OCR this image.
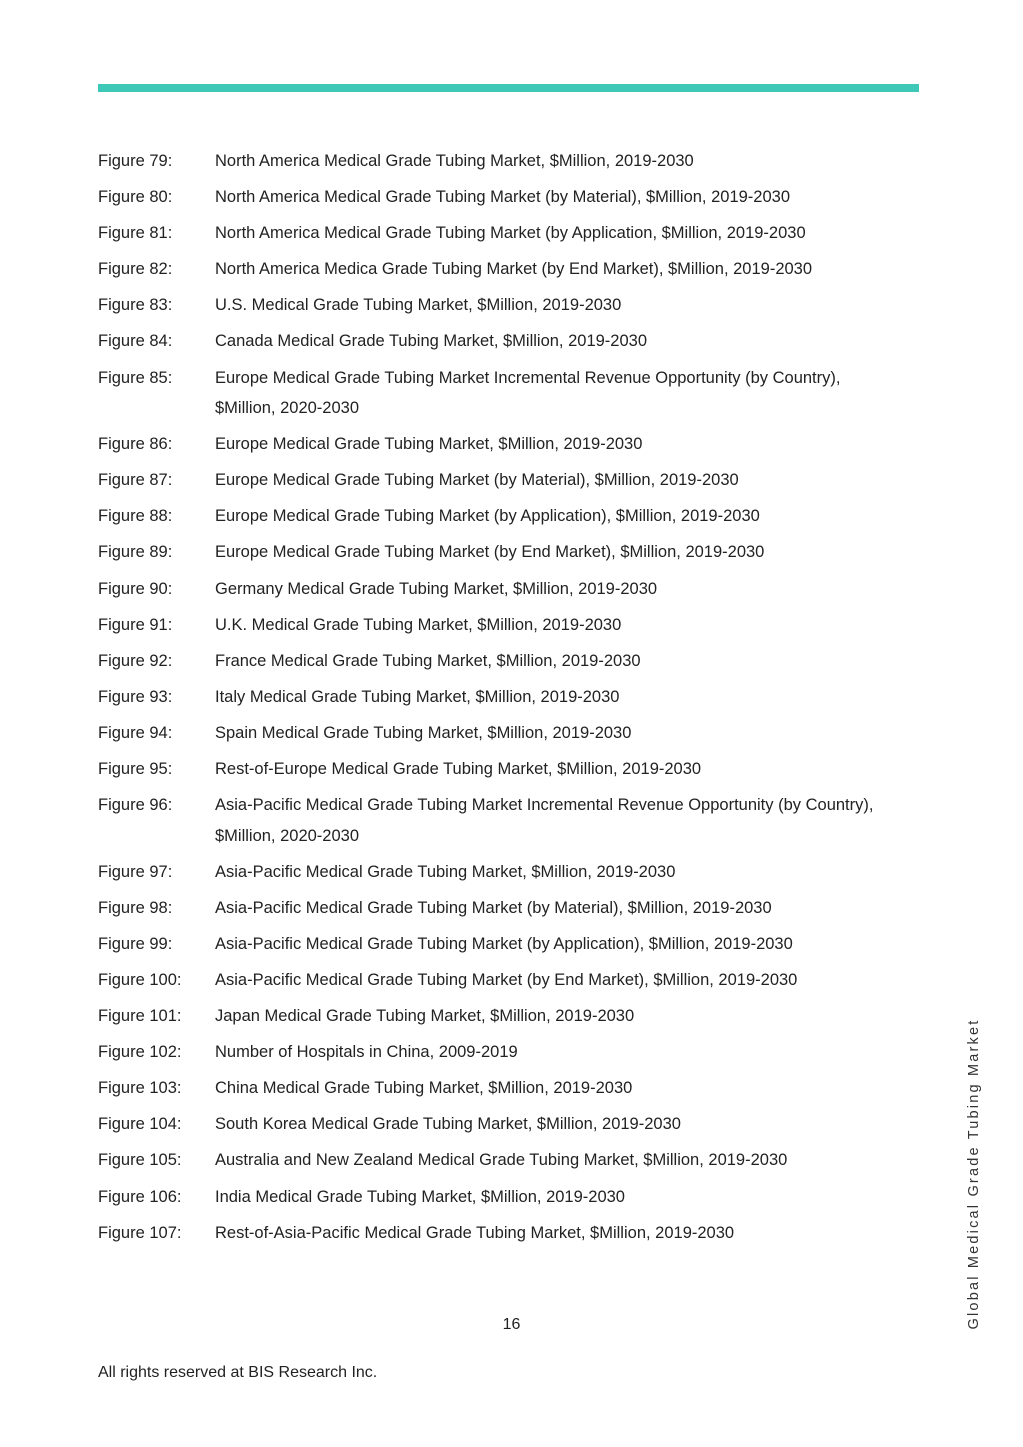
Figure 79:	North America Medical Grade Tubing Market, $Million, 2019-2030
Figure 80:	North America Medical Grade Tubing Market (by Material), $Million, 2019-2030
Figure 81:	North America Medical Grade Tubing Market (by Application, $Million, 2019-2030
Figure 82:	North America Medica Grade Tubing Market (by End Market), $Million, 2019-2030
Figure 83:	U.S. Medical Grade Tubing Market, $Million, 2019-2030
Figure 84:	Canada Medical Grade Tubing Market, $Million, 2019-2030
Figure 85:	Europe Medical Grade Tubing Market Incremental Revenue Opportunity (by Country), $Million, 2020-2030
Figure 86:	Europe Medical Grade Tubing Market, $Million, 2019-2030
Figure 87:	Europe Medical Grade Tubing Market (by Material), $Million, 2019-2030
Figure 88:	Europe Medical Grade Tubing Market (by Application), $Million, 2019-2030
Figure 89:	Europe Medical Grade Tubing Market (by End Market), $Million, 2019-2030
Figure 90:	Germany Medical Grade Tubing Market, $Million, 2019-2030
Figure 91:	U.K. Medical Grade Tubing Market, $Million, 2019-2030
Figure 92:	France Medical Grade Tubing Market, $Million, 2019-2030
Figure 93:	Italy Medical Grade Tubing Market, $Million, 2019-2030
Figure 94:	Spain Medical Grade Tubing Market, $Million, 2019-2030
Figure 95:	Rest-of-Europe Medical Grade Tubing Market, $Million, 2019-2030
Figure 96:	Asia-Pacific Medical Grade Tubing Market Incremental Revenue Opportunity (by Country), $Million, 2020-2030
Figure 97:	Asia-Pacific Medical Grade Tubing Market, $Million, 2019-2030
Figure 98:	Asia-Pacific Medical Grade Tubing Market (by Material), $Million, 2019-2030
Figure 99:	Asia-Pacific Medical Grade Tubing Market (by Application), $Million, 2019-2030
Figure 100:	Asia-Pacific Medical Grade Tubing Market (by End Market), $Million, 2019-2030
Figure 101:	Japan Medical Grade Tubing Market, $Million, 2019-2030
Figure 102:	Number of Hospitals in China, 2009-2019
Figure 103:	China Medical Grade Tubing Market, $Million, 2019-2030
Figure 104:	South Korea Medical Grade Tubing Market, $Million, 2019-2030
Figure 105:	Australia and New Zealand Medical Grade Tubing Market, $Million, 2019-2030
Figure 106:	India Medical Grade Tubing Market, $Million, 2019-2030
Figure 107:	Rest-of-Asia-Pacific Medical Grade Tubing Market, $Million, 2019-2030
16
All rights reserved at BIS Research Inc.
Global Medical Grade Tubing Market
